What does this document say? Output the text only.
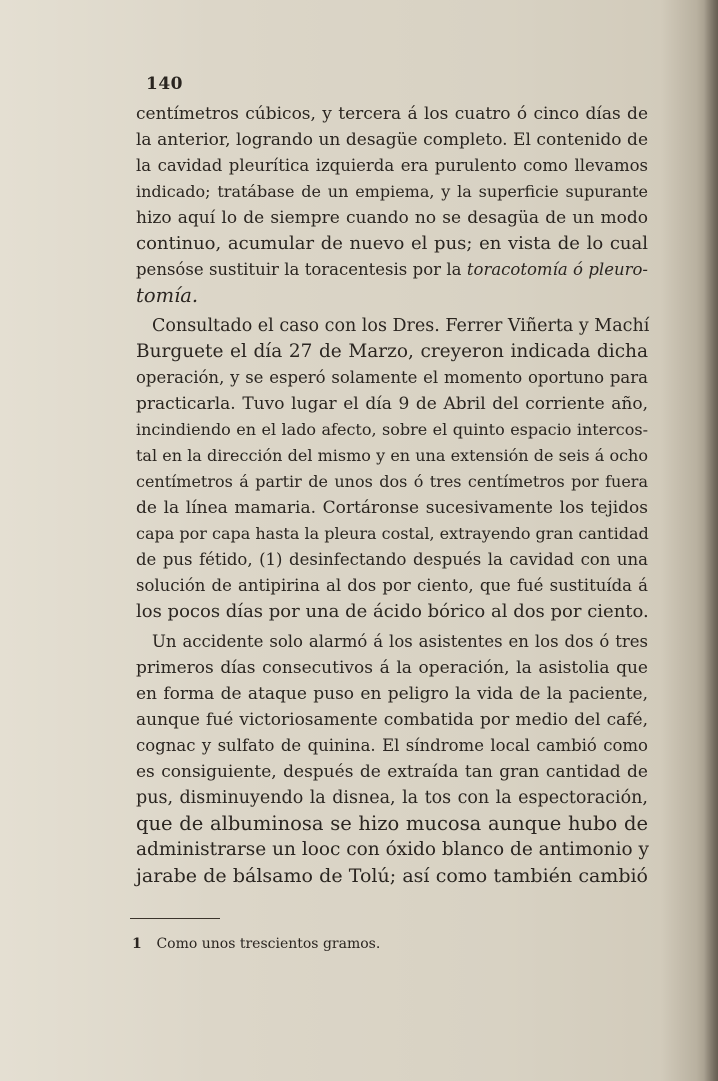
140
centímetros cúbicos, y tercera á los cuatro ó cinco días de
la anterior, logrando un desagüe completo. El contenido de
la cavidad pleurítica izquierda era purulento como llevamos
indicado; tratábase de un empiema, y la superficie supurante
hizo aquí lo de siempre cuando no se desagüa de un modo
continuo, acumular de nuevo el pus; en vista de lo cual
pensóse sustituir la toracentesis por la toracotomía ó pleuro-
tomía.
Consultado el caso con los Dres. Ferrer Viñerta y Machí
Burguete el día 27 de Marzo, creyeron indicada dicha
operación, y se esperó solamente el momento oportuno para
practicarla. Tuvo lugar el día 9 de Abril del corriente año,
incindiendo en el lado afecto, sobre el quinto espacio intercos-
tal en la dirección del mismo y en una extensión de seis á ocho
centímetros á partir de unos dos ó tres centímetros por fuera
de la línea mamaria. Cortáronse sucesivamente los tejidos
capa por capa hasta la pleura costal, extrayendo gran cantidad
de pus fétido, (1) desinfectando después la cavidad con una
solución de antipirina al dos por ciento, que fué sustituída á
los pocos días por una de ácido bórico al dos por ciento.
Un accidente solo alarmó á los asistentes en los dos ó tres
primeros días consecutivos á la operación, la asistolia que
en forma de ataque puso en peligro la vida de la paciente,
aunque fué victoriosamente combatida por medio del café,
cognac y sulfato de quinina. El síndrome local cambió como
es consiguiente, después de extraída tan gran cantidad de
pus, disminuyendo la disnea, la tos con la espectoración,
que de albuminosa se hizo mucosa aunque hubo de
administrarse un looc con óxido blanco de antimonio y
jarabe de bálsamo de Tolú; así como también cambió
1 Como unos trescientos gramos.
